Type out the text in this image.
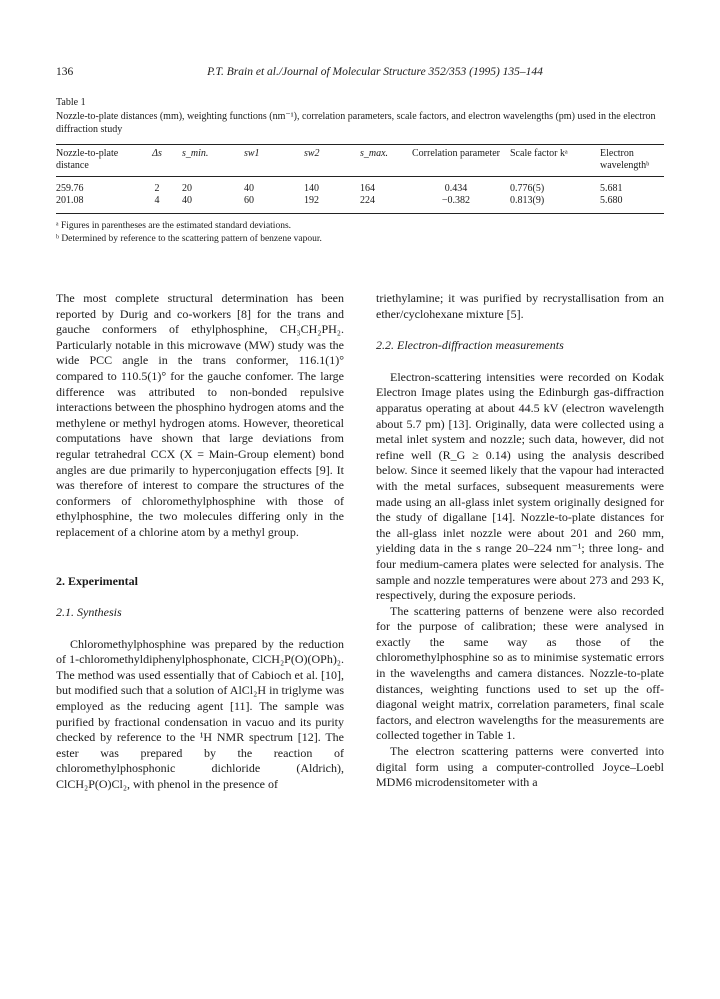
136	P.T. Brain et al./Journal of Molecular Structure 352/353 (1995) 135–144
Table 1
Nozzle-to-plate distances (mm), weighting functions (nm⁻¹), correlation parameters, scale factors, and electron wavelengths (pm) used in the electron diffraction study
Nozzle-to-plate distance	Δs	s_min.	sw1	sw2	s_max.	Correlation parameter	Scale factor kᵃ	Electron wavelengthᵇ

259.76	2	20	40	140	164	0.434	0.776(5)	5.681
201.08	4	40	60	192	224	−0.382	0.813(9)	5.680
ᵃ Figures in parentheses are the estimated standard deviations.
ᵇ Determined by reference to the scattering pattern of benzene vapour.

The most complete structural determination has been reported by Durig and co-workers [8] for the trans and gauche conformers of ethylphosphine, CH₃CH₂PH₂. Particularly notable in this microwave (MW) study was the wide PCC angle in the trans conformer, 116.1(1)° compared to 110.5(1)° for the gauche confomer. The large difference was attributed to non-bonded repulsive interactions between the phosphino hydrogen atoms and the methylene or methyl hydrogen atoms. However, theoretical computations have shown that large deviations from regular tetrahedral CCX (X = Main-Group element) bond angles are due primarily to hyperconjugation effects [9]. It was therefore of interest to compare the structures of the conformers of chloromethylphosphine with those of ethylphosphine, the two molecules differing only in the replacement of a chlorine atom by a methyl group.

2. Experimental

2.1. Synthesis

Chloromethylphosphine was prepared by the reduction of 1-chloromethyldiphenylphosphonate, ClCH₂P(O)(OPh)₂. The method was used essentially that of Cabioch et al. [10], but modified such that a solution of AlCl₂H in triglyme was employed as the reducing agent [11]. The sample was purified by fractional condensation in vacuo and its purity checked by reference to the ¹H NMR spectrum [12]. The ester was prepared by the reaction of chloromethylphosphonic dichloride (Aldrich), ClCH₂P(O)Cl₂, with phenol in the presence of

triethylamine; it was purified by recrystallisation from an ether/cyclohexane mixture [5].

2.2. Electron-diffraction measurements

Electron-scattering intensities were recorded on Kodak Electron Image plates using the Edinburgh gas-diffraction apparatus operating at about 44.5 kV (electron wavelength about 5.7 pm) [13]. Originally, data were collected using a metal inlet system and nozzle; such data, however, did not refine well (R_G ≥ 0.14) using the analysis described below. Since it seemed likely that the vapour had interacted with the metal surfaces, subsequent measurements were made using an all-glass inlet system originally designed for the study of digallane [14]. Nozzle-to-plate distances for the all-glass inlet nozzle were about 201 and 260 mm, yielding data in the s range 20–224 nm⁻¹; three long- and four medium-camera plates were selected for analysis. The sample and nozzle temperatures were about 273 and 293 K, respectively, during the exposure periods.

The scattering patterns of benzene were also recorded for the purpose of calibration; these were analysed in exactly the same way as those of the chloromethylphosphine so as to minimise systematic errors in the wavelengths and camera distances. Nozzle-to-plate distances, weighting functions used to set up the off-diagonal weight matrix, correlation parameters, final scale factors, and electron wavelengths for the measurements are collected together in Table 1.

The electron scattering patterns were converted into digital form using a computer-controlled Joyce–Loebl MDM6 microdensitometer with a
